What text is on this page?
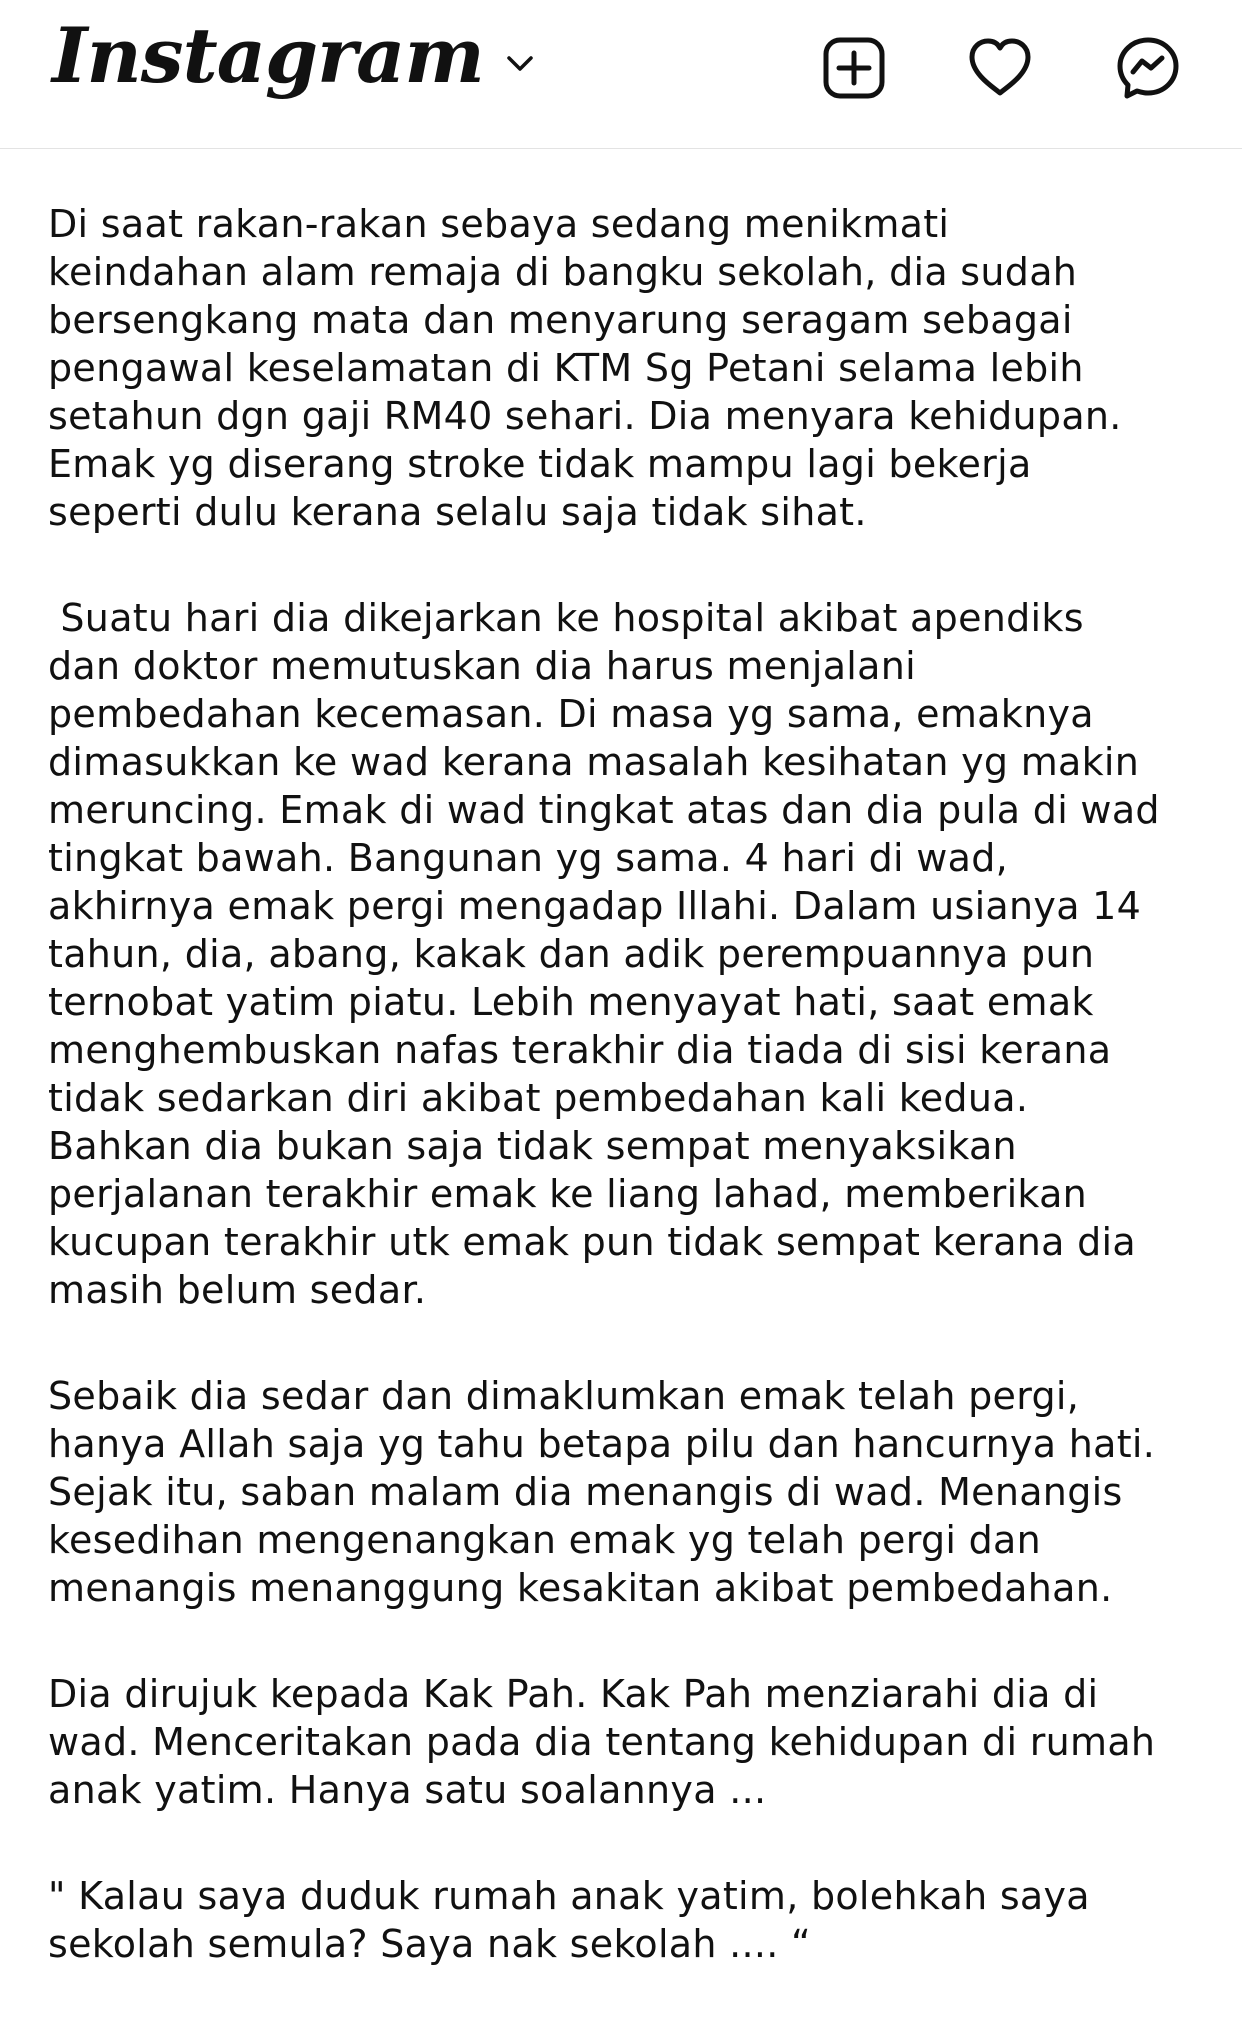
Instagram

Di saat rakan-rakan sebaya sedang menikmati
keindahan alam remaja di bangku sekolah, dia sudah
bersengkang mata dan menyarung seragam sebagai
pengawal keselamatan di KTM Sg Petani selama lebih
setahun dgn gaji RM40 sehari. Dia menyara kehidupan.
Emak yg diserang stroke tidak mampu lagi bekerja
seperti dulu kerana selalu saja tidak sihat.

Suatu hari dia dikejarkan ke hospital akibat apendiks
dan doktor memutuskan dia harus menjalani
pembedahan kecemasan. Di masa yg sama, emaknya
dimasukkan ke wad kerana masalah kesihatan yg makin
meruncing. Emak di wad tingkat atas dan dia pula di wad
tingkat bawah. Bangunan yg sama. 4 hari di wad,
akhirnya emak pergi mengadap Illahi. Dalam usianya 14
tahun, dia, abang, kakak dan adik perempuannya pun
ternobat yatim piatu. Lebih menyayat hati, saat emak
menghembuskan nafas terakhir dia tiada di sisi kerana
tidak sedarkan diri akibat pembedahan kali kedua.
Bahkan dia bukan saja tidak sempat menyaksikan
perjalanan terakhir emak ke liang lahad, memberikan
kucupan terakhir utk emak pun tidak sempat kerana dia
masih belum sedar.

Sebaik dia sedar dan dimaklumkan emak telah pergi,
hanya Allah saja yg tahu betapa pilu dan hancurnya hati.
Sejak itu, saban malam dia menangis di wad. Menangis
kesedihan mengenangkan emak yg telah pergi dan
menangis menanggung kesakitan akibat pembedahan.

Dia dirujuk kepada Kak Pah. Kak Pah menziarahi dia di
wad. Menceritakan pada dia tentang kehidupan di rumah
anak yatim. Hanya satu soalannya ...

" Kalau saya duduk rumah anak yatim, bolehkah saya
sekolah semula? Saya nak sekolah .... “
